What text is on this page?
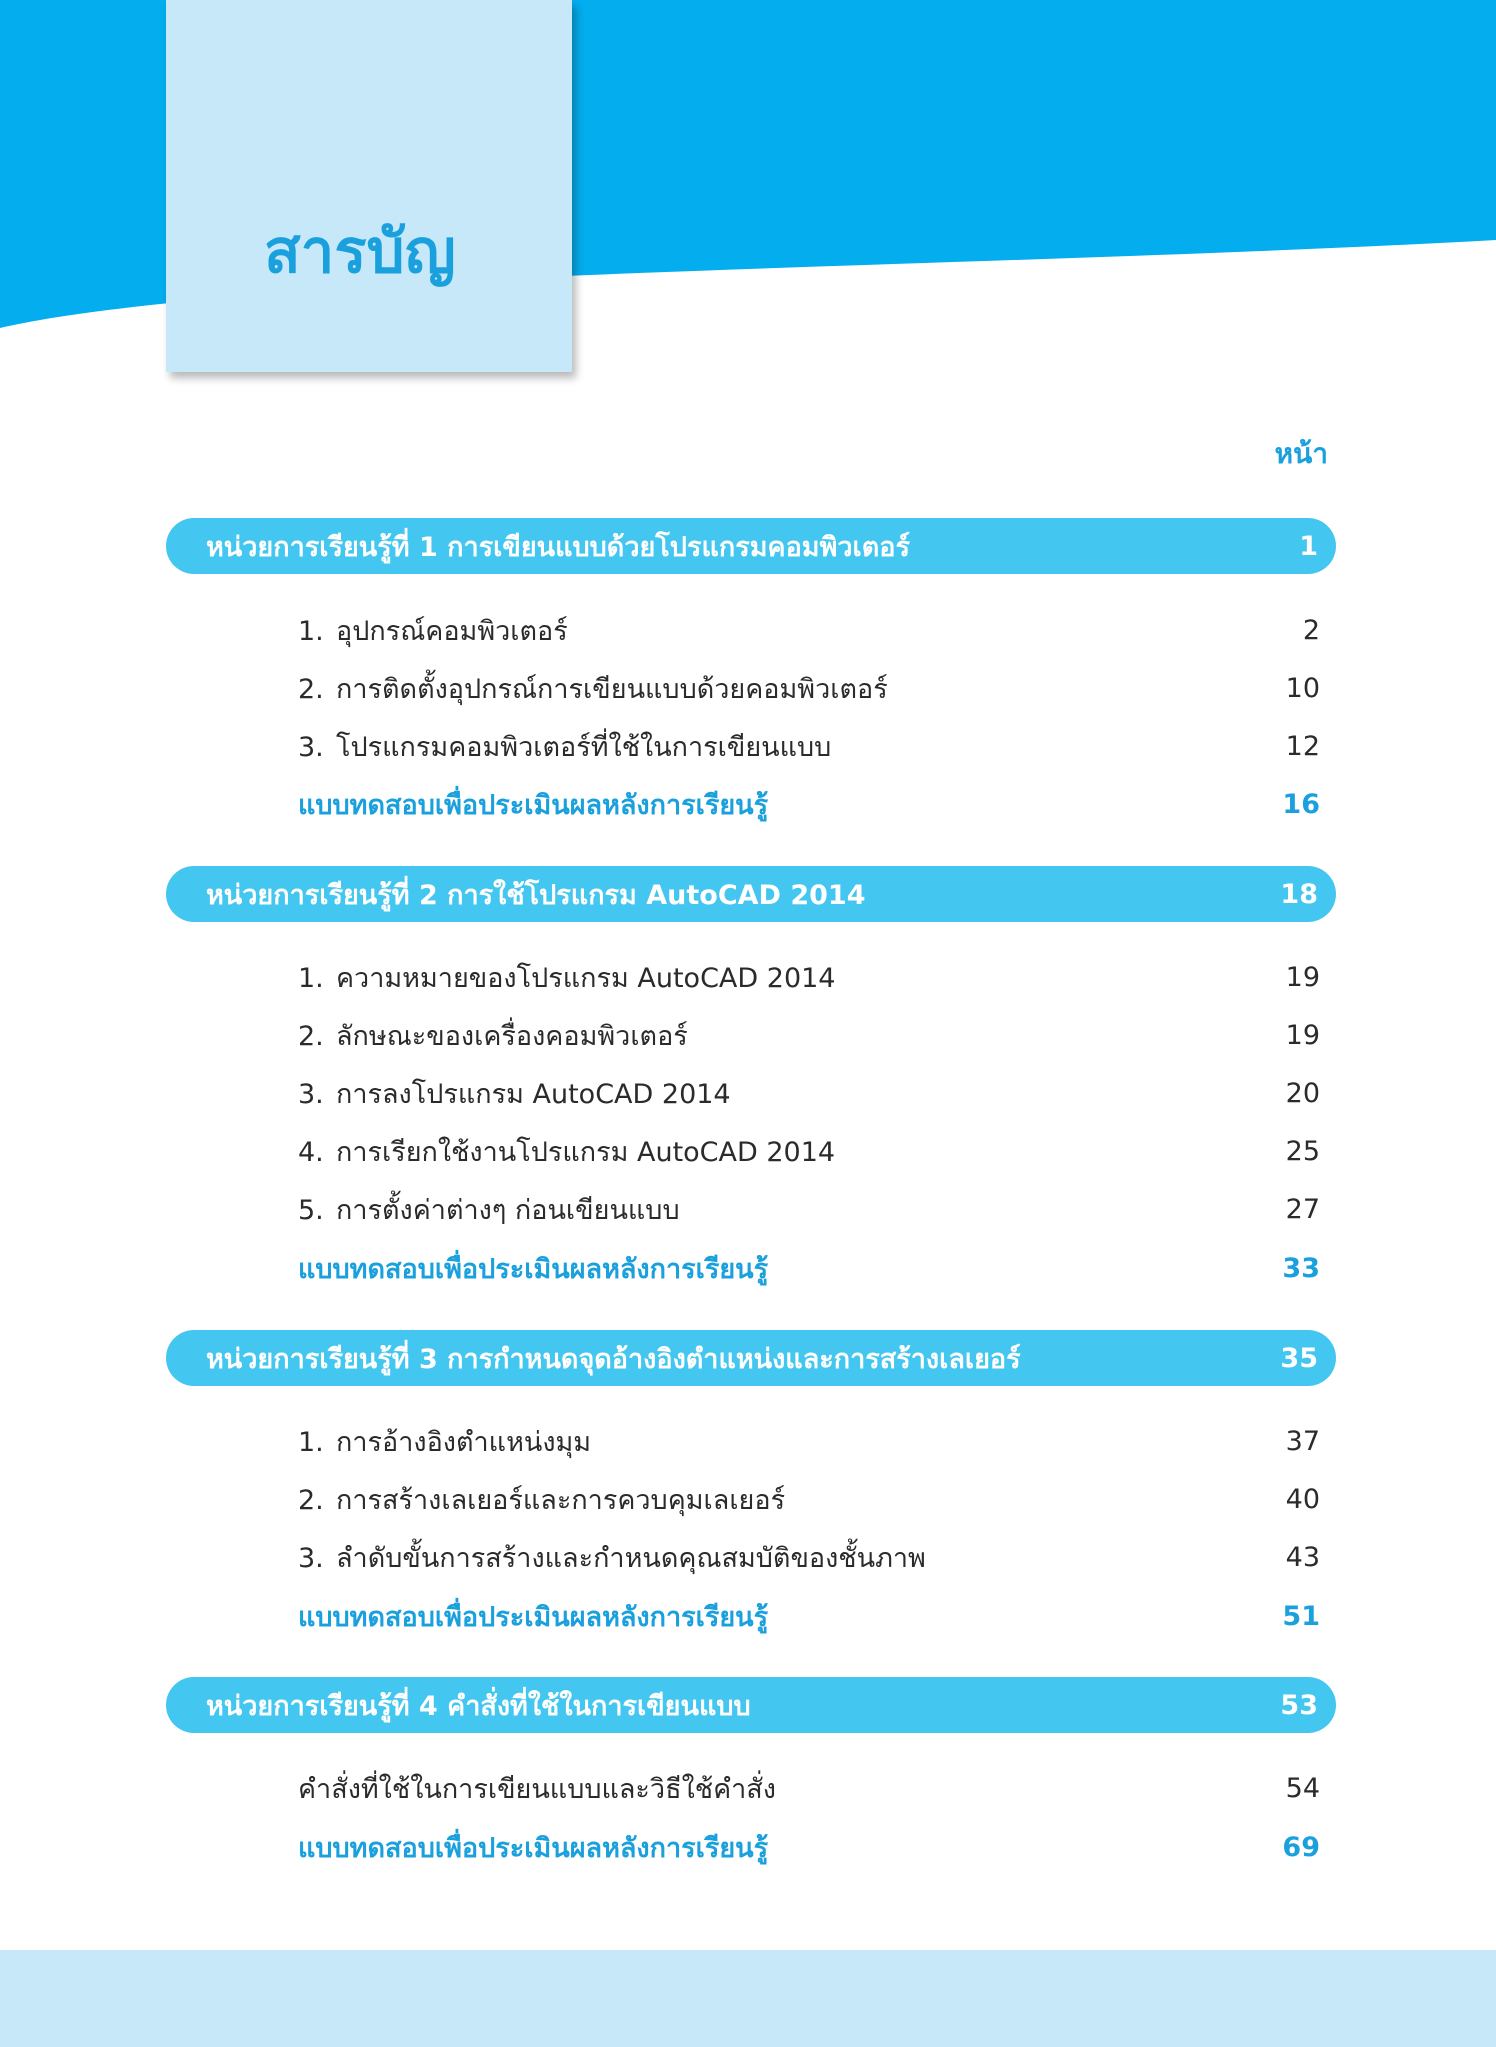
สารบัญ
หน้า
หน่วยการเรียนรู้ที่ 1 การเขียนแบบด้วยโปรแกรมคอมพิวเตอร์	1
1. อุปกรณ์คอมพิวเตอร์	2
2. การติดตั้งอุปกรณ์การเขียนแบบด้วยคอมพิวเตอร์	10
3. โปรแกรมคอมพิวเตอร์ที่ใช้ในการเขียนแบบ	12
แบบทดสอบเพื่อประเมินผลหลังการเรียนรู้	16
หน่วยการเรียนรู้ที่ 2 การใช้โปรแกรม AutoCAD 2014	18
1. ความหมายของโปรแกรม AutoCAD 2014	19
2. ลักษณะของเครื่องคอมพิวเตอร์	19
3. การลงโปรแกรม AutoCAD 2014	20
4. การเรียกใช้งานโปรแกรม AutoCAD 2014	25
5. การตั้งค่าต่างๆ ก่อนเขียนแบบ	27
แบบทดสอบเพื่อประเมินผลหลังการเรียนรู้	33
หน่วยการเรียนรู้ที่ 3 การกำหนดจุดอ้างอิงตำแหน่งและการสร้างเลเยอร์	35
1. การอ้างอิงตำแหน่งมุม	37
2. การสร้างเลเยอร์และการควบคุมเลเยอร์	40
3. ลำดับขั้นการสร้างและกำหนดคุณสมบัติของชั้นภาพ	43
แบบทดสอบเพื่อประเมินผลหลังการเรียนรู้	51
หน่วยการเรียนรู้ที่ 4 คำสั่งที่ใช้ในการเขียนแบบ	53
คำสั่งที่ใช้ในการเขียนแบบและวิธีใช้คำสั่ง	54
แบบทดสอบเพื่อประเมินผลหลังการเรียนรู้	69
